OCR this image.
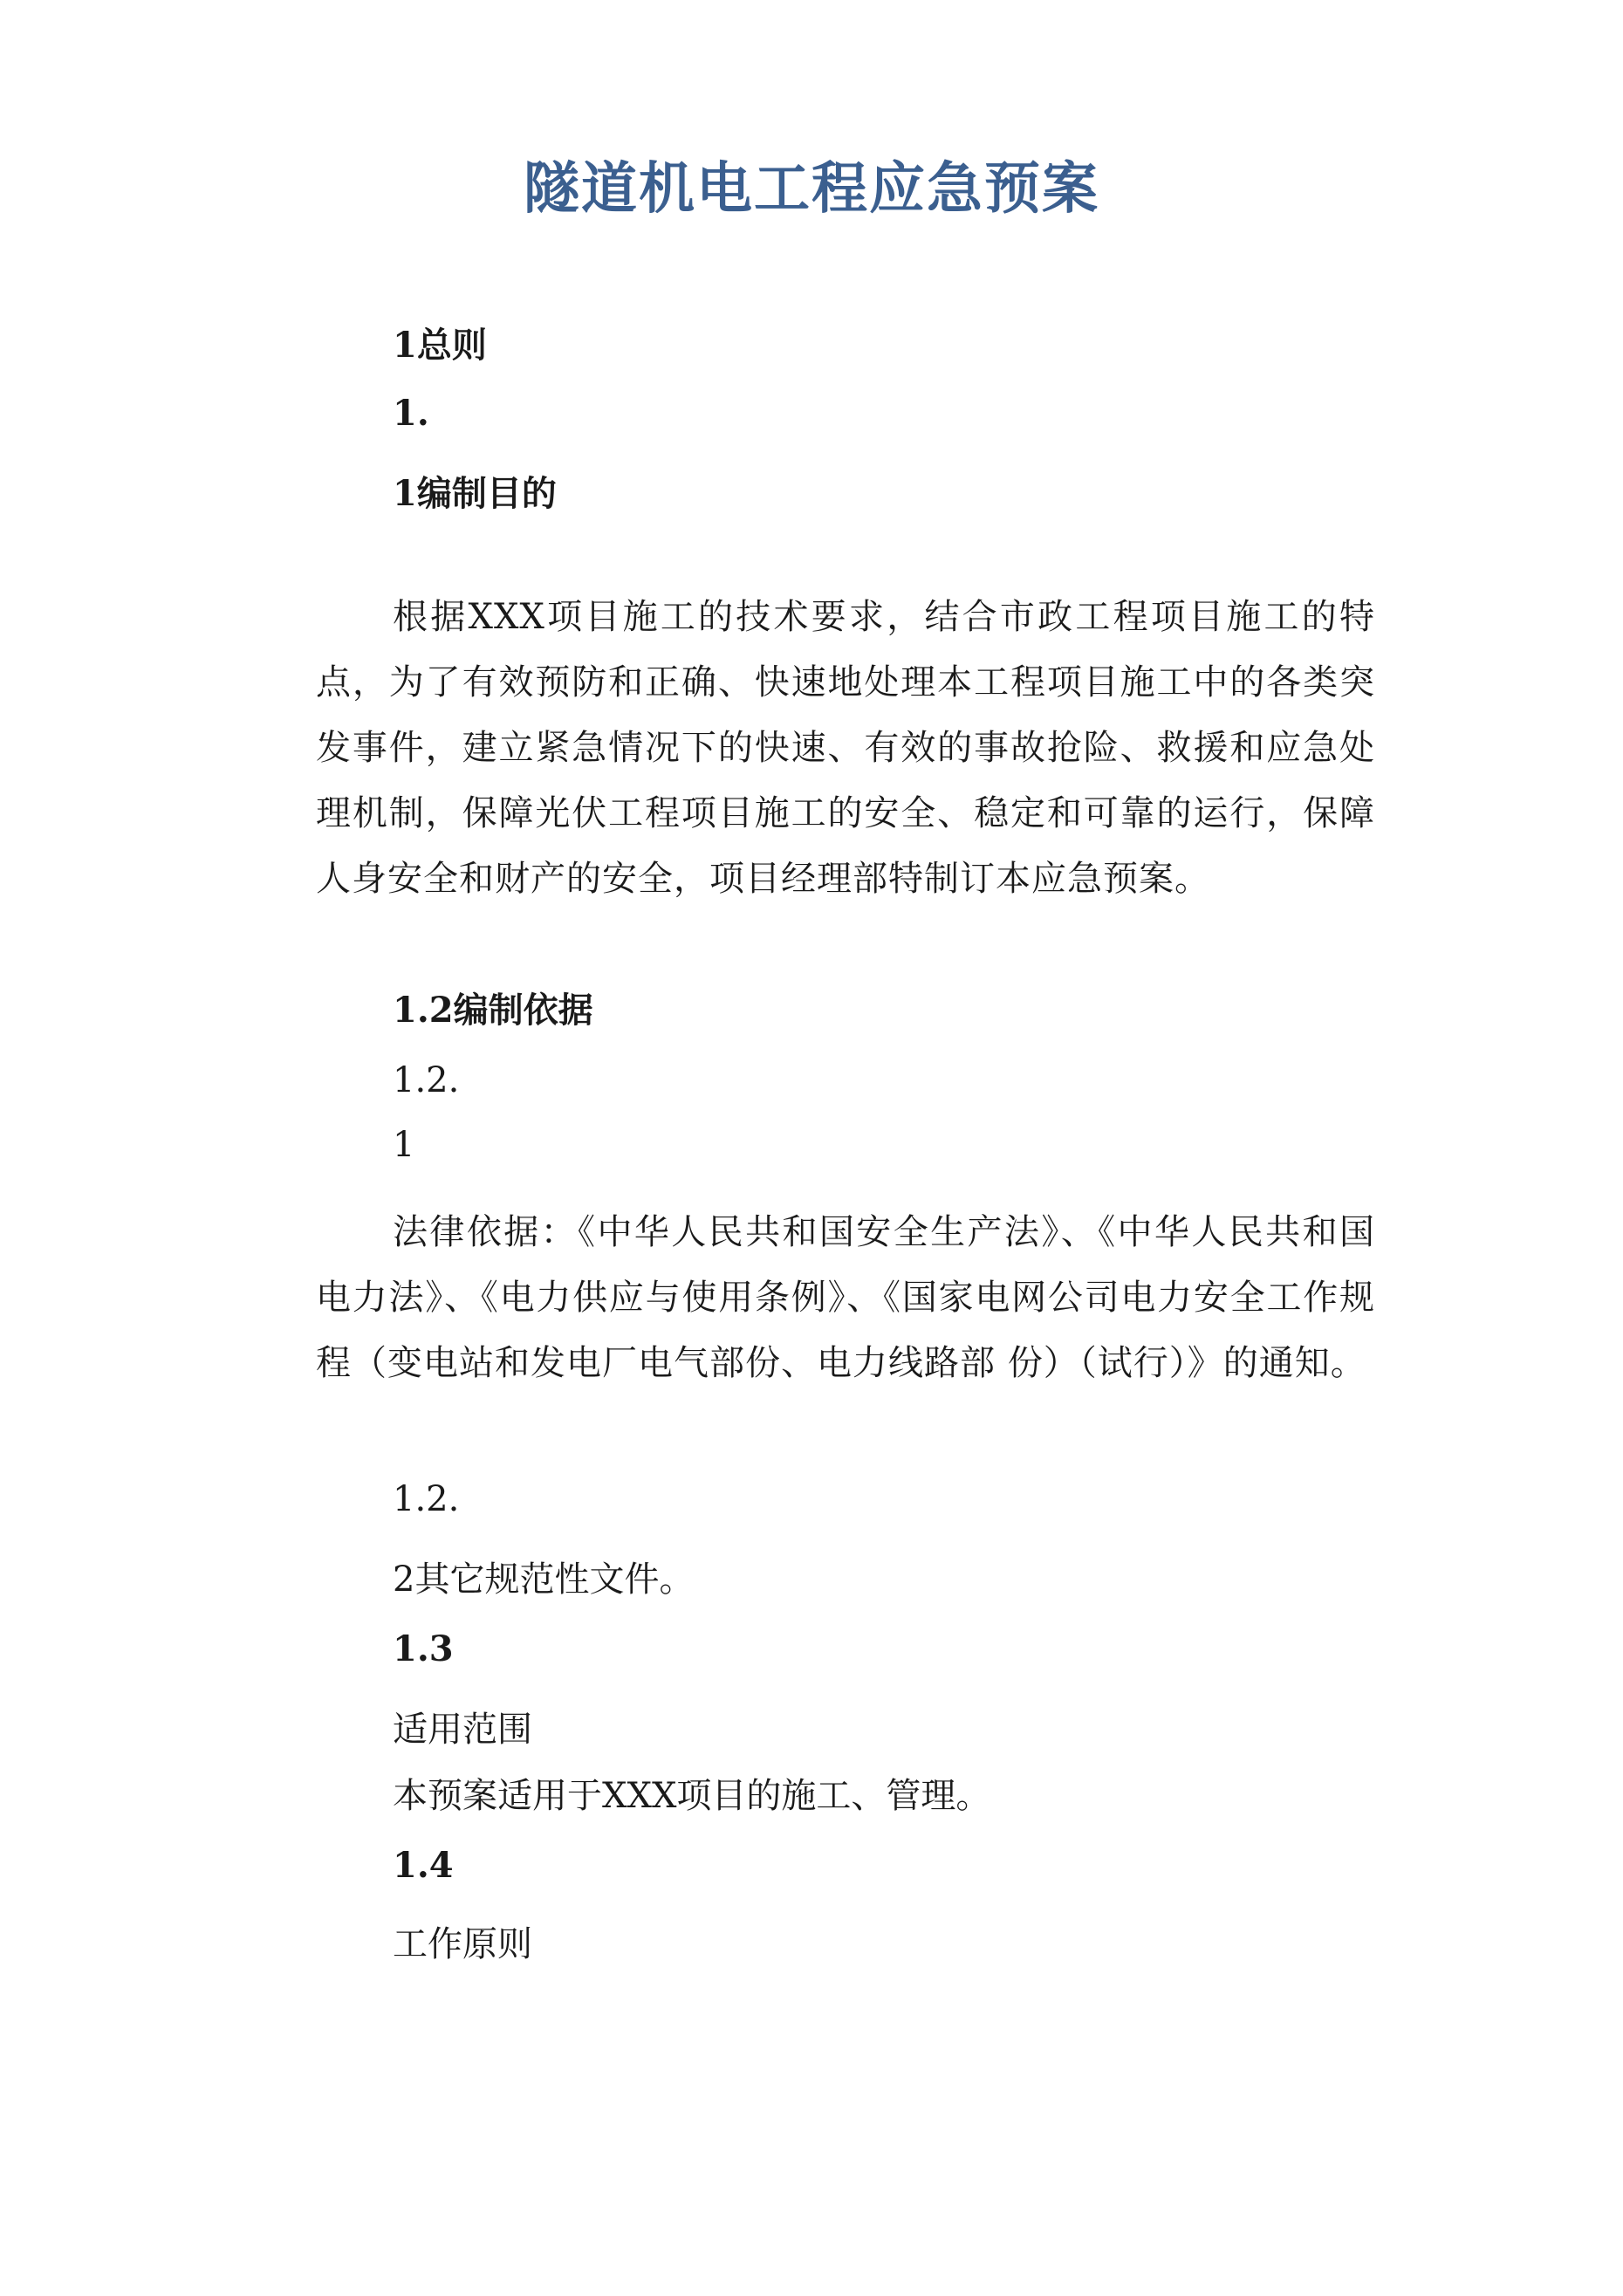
隧道机电工程应急预案
1总则
1.
1编制目的
根据XXX项目施工的技术要求，结合市政工程项目施工的特点，为了有效预防和正确、快速地处理本工程项目施工中的各类突发事件，建立紧急情况下的快速、有效的事故抢险、救援和应急处理机制，保障光伏工程项目施工的安全、稳定和可靠的运行，保障人身安全和财产的安全，项目经理部特制订本应急预案。
1.2编制依据
1.2.
1
法律依据：《中华人民共和国安全生产法》、《中华人民共和国电力法》、《电力供应与使用条例》、《国家电网公司电力安全工作规程（变电站和发电厂电气部份、电力线路部 份）（试行）》的通知。
1.2.
2其它规范性文件。
1.3
适用范围
本预案适用于XXX项目的施工、管理。
1.4
工作原则
